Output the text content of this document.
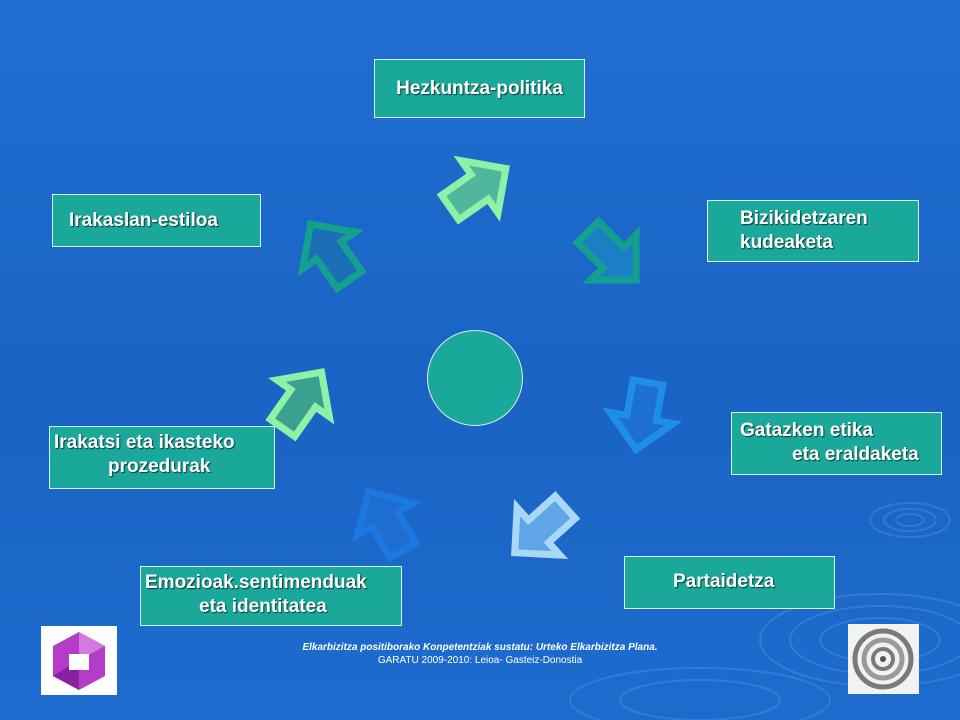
Hezkuntza-politika
Bizikidetzaren
kudeaketa
Gatazken etika
eta eraldaketa
Partaidetza
Emozioak.sentimenduak
eta identitatea
Irakatsi eta ikasteko
prozedurak
Irakaslan-estiloa
Elkarbizitza positiborako Konpetentziak sustatu: Urteko Elkarbizitza Plana.
GARATU 2009-2010: Leioa- Gasteiz-Donostia
